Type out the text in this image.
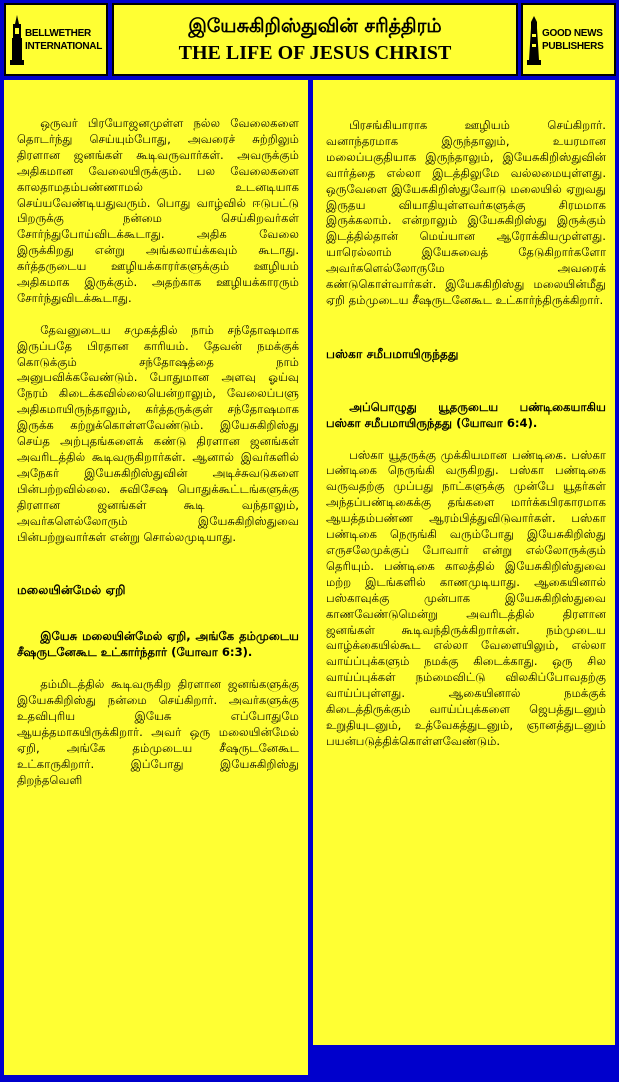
BELLWETHER
INTERNATIONAL
இயேசுகிறிஸ்துவின் சரித்திரம்
THE LIFE OF JESUS CHRIST
GOOD NEWS
PUBLISHERS

ஒருவர் பிரயோஜனமுள்ள நல்ல வேலைகளை தொடர்ந்து செய்யும்போது, அவரைச் சுற்றிலும் திரளான ஜனங்கள் கூடிவருவார்கள். அவருக்கும் அதிகமான வேலையிருக்கும். பல வேலைகளை காலதாமதம்பண்ணாமல் உடனடியாக செய்யவேண்டியதுவரும். பொது வாழ்வில் ஈடுபட்டு பிறருக்கு நன்மை செய்கிறவர்கள் சோர்ந்துபோய்விடக்கூடாது. அதிக வேலை இருக்கிறது என்று அங்கலாய்க்கவும் கூடாது. கர்த்தருடைய ஊழியக்காரர்களுக்கும் ஊழியம் அதிகமாக இருக்கும். அதற்காக ஊழியக்காரரும் சோர்ந்துவிடக்கூடாது.

தேவனுடைய சமுகத்தில் நாம் சந்தோஷமாக இருப்பதே பிரதான காரியம். தேவன் நமக்குக் கொடுக்கும் சந்தோஷத்தை நாம் அனுபவிக்கவேண்டும். போதுமான அளவு ஓய்வு நேரம் கிடைக்கவில்லையென்றாலும், வேலைப்பளு அதிகமாயிருந்தாலும், கர்த்தருக்குள் சந்தோஷமாக இருக்க கற்றுக்கொள்ளவேண்டும். இயேசுகிறிஸ்து செய்த அற்புதங்களைக் கண்டு திரளான ஜனங்கள் அவரிடத்தில் கூடிவருகிறார்கள். ஆனால் இவர்களில் அநேகர் இயேசுகிறிஸ்துவின் அடிச்சுவடுகளை பின்பற்றவில்லை. சுவிசேஷ பொதுக்கூட்டங்களுக்கு திரளான ஜனங்கள் கூடி வந்தாலும், அவர்களெல்லோரும் இயேசுகிறிஸ்துவை பின்பற்றுவார்கள் என்று சொல்லமுடியாது.

மலையின்மேல் ஏறி

இயேசு மலையின்மேல் ஏறி, அங்கே தம்முடைய சீஷருடனேகூட உட்கார்ந்தார் (யோவா 6:3).

தம்மிடத்தில் கூடிவருகிற திரளான ஜனங்களுக்கு இயேசுகிறிஸ்து நன்மை செய்கிறார். அவர்களுக்கு உதவிபுரிய இயேசு எப்போதுமே ஆயத்தமாகயிருக்கிறார். அவர் ஒரு மலையின்மேல் ஏறி, அங்கே தம்முடைய சீஷருடனேகூட உட்காருகிறார். இப்போது இயேசுகிறிஸ்து திறந்தவெளி

பிரசங்கியாராக ஊழியம் செய்கிறார். வனாந்தரமாக இருந்தாலும், உயரமான மலைப்பகுதியாக இருந்தாலும், இயேசுகிறிஸ்துவின் வார்த்தை எல்லா இடத்திலுமே வல்லமையுள்ளது. ஒருவேளை இயேசுகிறிஸ்துவோடு மலையில் ஏறுவது இருதய வியாதியுள்ளவர்களுக்கு சிரமமாக இருக்கலாம். என்றாலும் இயேசுகிறிஸ்து இருக்கும் இடத்தில்தான் மெய்யான ஆரோக்கியமுள்ளது. யாரெல்லாம் இயேசுவைத் தேடுகிறார்களோ அவர்களெல்லோருமே அவரைக் கண்டுகொள்வார்கள். இயேசுகிறிஸ்து மலையின்மீது ஏறி தம்முடைய சீஷருடனேகூட உட்கார்ந்திருக்கிறார்.

பஸ்கா சமீபமாயிருந்தது

அப்பொழுது யூதருடைய பண்டிகையாகிய பஸ்கா சமீபமாயிருந்தது (யோவா 6:4).

பஸ்கா யூதருக்கு முக்கியமான பண்டிகை. பஸ்கா பண்டிகை நெருங்கி வருகிறது. பஸ்கா பண்டிகை வருவதற்கு முப்பது நாட்களுக்கு முன்பே யூதர்கள் அந்தப்பண்டிகைக்கு தங்களை மார்க்கபிரகாரமாக ஆயத்தம்பண்ண ஆரம்பித்துவிடுவார்கள். பஸ்கா பண்டிகை நெருங்கி வரும்போது இயேசுகிறிஸ்து எருசலேமுக்குப் போவார் என்று எல்லோருக்கும் தெரியும். பண்டிகை காலத்தில் இயேசுகிறிஸ்துவை மற்ற இடங்களில் காணமுடியாது. ஆகையினால் பஸ்காவுக்கு முன்பாக இயேசுகிறிஸ்துவை காணவேண்டுமென்று அவரிடத்தில் திரளான ஜனங்கள் கூடிவந்திருக்கிறார்கள். நம்முடைய வாழ்க்கையில்கூட எல்லா வேளையிலும், எல்லா வாய்ப்புக்களும் நமக்கு கிடைக்காது. ஒரு சில வாய்ப்புக்கள் நம்மைவிட்டு விலகிப்போவதற்கு வாய்ப்புள்ளது. ஆகையினால் நமக்குக் கிடைத்திருக்கும் வாய்ப்புக்களை ஜெபத்துடனும் உறுதியுடனும், உத்வேகத்துடனும், ஞானத்துடனும் பயன்படுத்திக்கொள்ளவேண்டும்.
